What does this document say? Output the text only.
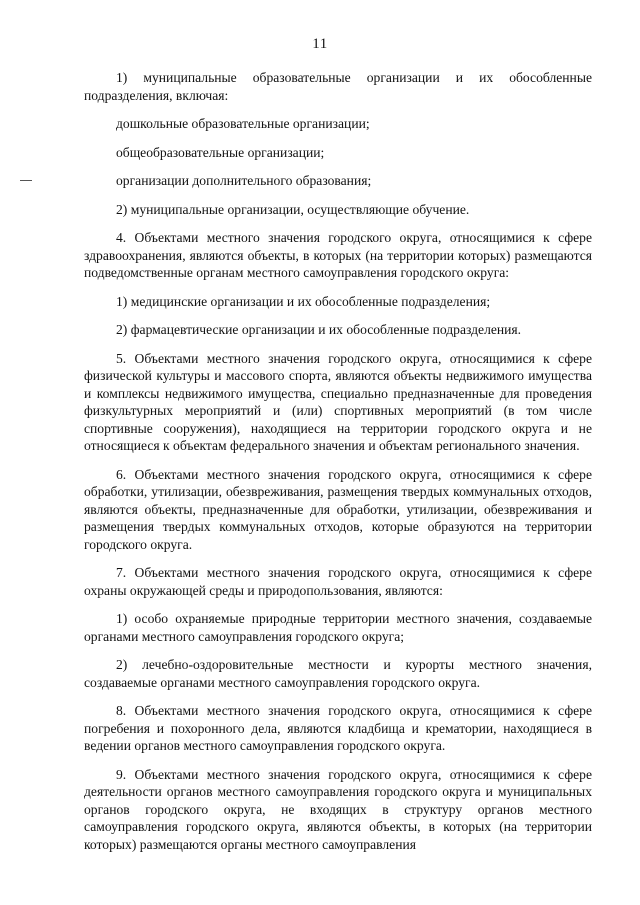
11

1) муниципальные образовательные организации и их обособленные подразделения, включая:

дошкольные образовательные организации;

общеобразовательные организации;

организации дополнительного образования;

2) муниципальные организации, осуществляющие обучение.

4. Объектами местного значения городского округа, относящимися к сфере здравоохранения, являются объекты, в которых (на территории которых) размещаются подведомственные органам местного самоуправления городского округа:

1) медицинские организации и их обособленные подразделения;

2) фармацевтические организации и их обособленные подразделения.

5. Объектами местного значения городского округа, относящимися к сфере физической культуры и массового спорта, являются объекты недвижимого имущества и комплексы недвижимого имущества, специально предназначенные для проведения физкультурных мероприятий и (или) спортивных мероприятий (в том числе спортивные сооружения), находящиеся на территории городского округа и не относящиеся к объектам федерального значения и объектам регионального значения.

6. Объектами местного значения городского округа, относящимися к сфере обработки, утилизации, обезвреживания, размещения твердых коммунальных отходов, являются объекты, предназначенные для обработки, утилизации, обезвреживания и размещения твердых коммунальных отходов, которые образуются на территории городского округа.

7. Объектами местного значения городского округа, относящимися к сфере охраны окружающей среды и природопользования, являются:

1) особо охраняемые природные территории местного значения, создаваемые органами местного самоуправления городского округа;

2) лечебно-оздоровительные местности и курорты местного значения, создаваемые органами местного самоуправления городского округа.

8. Объектами местного значения городского округа, относящимися к сфере погребения и похоронного дела, являются кладбища и крематории, находящиеся в ведении органов местного самоуправления городского округа.

9. Объектами местного значения городского округа, относящимися к сфере деятельности органов местного самоуправления городского округа и муниципальных органов городского округа, не входящих в структуру органов местного самоуправления городского округа, являются объекты, в которых (на территории которых) размещаются органы местного самоуправления
